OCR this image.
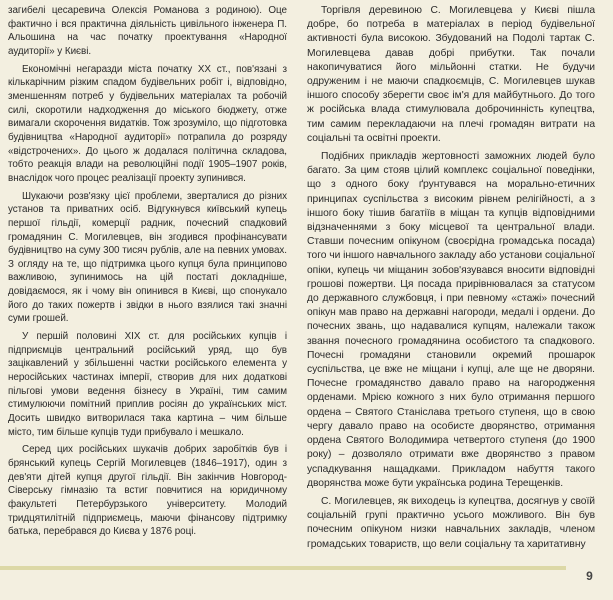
загибелі цесаревича Олексія Романова з родиною). Оце фактично і вся практична діяльність цивільного інженера П. Альошина на час початку проектування «Народної аудиторії» у Києві.

Економічні негаразди міста початку XX ст., пов'язані з кількарічним різким спадом будівельних робіт і, відповідно, зменшенням потреб у будівельних матеріалах та робочій силі, скоротили надходження до міського бюджету, отже вимагали скорочення видатків. Тож зрозуміло, що підготовка будівництва «Народної аудиторії» потрапила до розряду «відстрочених». До цього ж додалася політична складова, тобто реакція влади на революційні події 1905–1907 років, внаслідок чого процес реалізації проекту зупинився.

Шукаючи розв'язку цієї проблеми, зверталися до різних установ та приватних осіб. Відгукнувся київський купець першої гільдії, комерції радник, почесний спадковий громадянин С. Могилевцев, він згодився профінансувати будівництво на суму 300 тисяч рублів, але на певних умовах. З огляду на те, що підтримка цього купця була принципово важливою, зупинимось на цій постаті докладніше, довідаємося, як і чому він опинився в Києві, що спонукало його до таких пожертв і звідки в нього взялися такі значні суми грошей.

У першій половині XIX ст. для російських купців і підприємців центральний російський уряд, що був зацікавлений у збільшенні частки російського елемента у неросійських частинах імперії, створив для них додаткові пільгові умови ведення бізнесу в Україні, тим самим стимулюючи помітний приплив росіян до українських міст. Досить швидко витворилася така картина – чим більше місто, тим більше купців туди прибувало і мешкало.

Серед цих російських шукачів добрих заробітків був і брянський купець Сергій Могилевцев (1846–1917), один з дев'яти дітей купця другої гільдії. Він закінчив Новгород-Сіверську гімназію та встиг повчитися на юридичному факультеті Петербурзького університету. Молодий тридцятилітній підприємець, маючи фінансову підтримку батька, перебрався до Києва у 1876 році.

Торгівля деревиною С. Могилевцева у Києві пішла добре, бо потреба в матеріалах в період будівельної активності була високою. Збудований на Подолі тартак С. Могилевцева давав добрі прибутки. Так почали накопичуватися його мільйонні статки. Не будучи одруженим і не маючи спадкоємців, С. Могилевцев шукав іншого способу зберегти своє ім'я для майбутнього. До того ж російська влада стимулювала доброчинність купецтва, тим самим перекладаючи на плечі громадян витрати на соціальні та освітні проекти.

Подібних прикладів жертовності заможних людей було багато. За цим стояв цілий комплекс соціальної поведінки, що з одного боку ґрунтувався на морально-етичних принципах суспільства з високим рівнем релігійності, а з іншого боку тішив багатіїв в міщан та купців відповідними відзначеннями з боку місцевої та центральної влади. Ставши почесним опікуном (своєрідна громадська посада) того чи іншого навчального закладу або установи соціальної опіки, купець чи міщанин зобов'язувався вносити відповідні грошові пожертви. Ця посада прирівнювалася за статусом до державного службовця, і при певному «стажі» почесний опікун мав право на державні нагороди, медалі і ордени. До почесних звань, що надавалися купцям, належали також звання почесного громадянина особистого та спадкового. Почесні громадяни становили окремий прошарок суспільства, це вже не міщани і купці, але ще не дворяни. Почесне громадянство давало право на нагородження орденами. Мрією кожного з них було отримання першого ордена – Святого Станіслава третього ступеня, що в свою чергу давало право на особисте дворянство, отримання ордена Святого Володимира четвертого ступеня (до 1900 року) – дозволяло отримати вже дворянство з правом успадкування нащадками. Прикладом набуття такого дворянства може бути українська родина Терещенків.

С. Могилевцев, як виходець із купецтва, досягнув у своїй соціальній групі практично усього можливого. Він був почесним опікуном низки навчальних закладів, членом громадських товариств, що вели соціальну та харитативну

9
